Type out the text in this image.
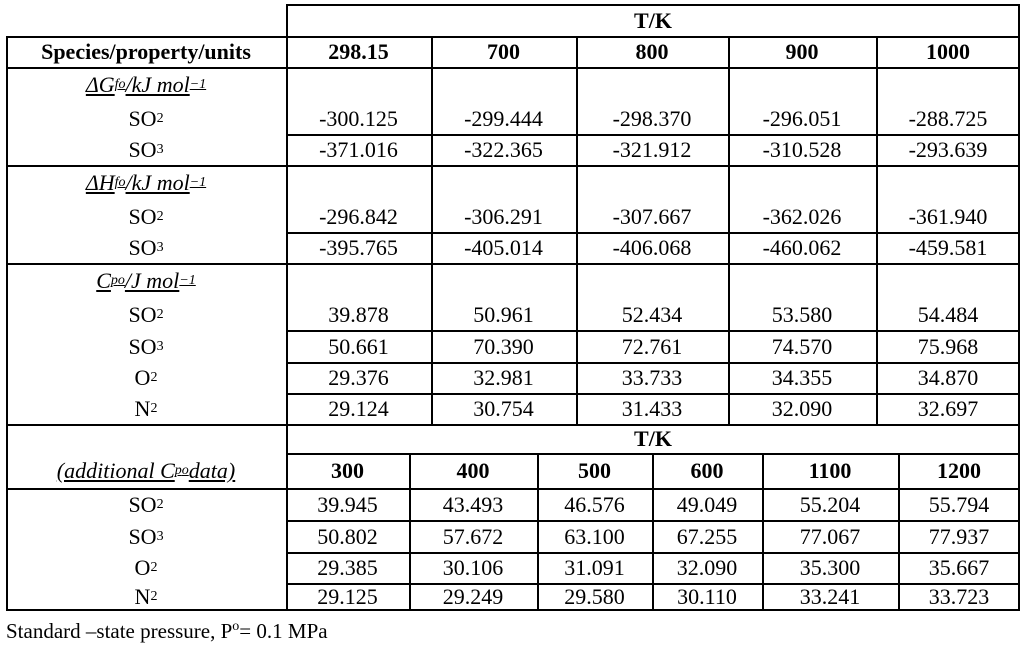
T/K
Species/property/units	298.15	700	800	900	1000
ΔG f o /kJ mol −1
SO 2	-300.125	-299.444	-298.370	-296.051	-288.725
SO 3	-371.016	-322.365	-321.912	-310.528	-293.639
ΔH f o /kJ mol −1
SO 2	-296.842	-306.291	-307.667	-362.026	-361.940
SO 3	-395.765	-405.014	-406.068	-460.062	-459.581
C p o /J mol −1
SO 2	39.878	50.961	52.434	53.580	54.484
SO 3	50.661	70.390	72.761	74.570	75.968
O 2	29.376	32.981	33.733	34.355	34.870
N 2	29.124	30.754	31.433	32.090	32.697
T/K
(additional C p o data)	300	400	500	600	1100	1200
SO 2	39.945	43.493	46.576	49.049	55.204	55.794
SO 3	50.802	57.672	63.100	67.255	77.067	77.937
O 2	29.385	30.106	31.091	32.090	35.300	35.667
N 2	29.125	29.249	29.580	30.110	33.241	33.723
Standard –state pressure, $P^o= 0.1$ MPa
